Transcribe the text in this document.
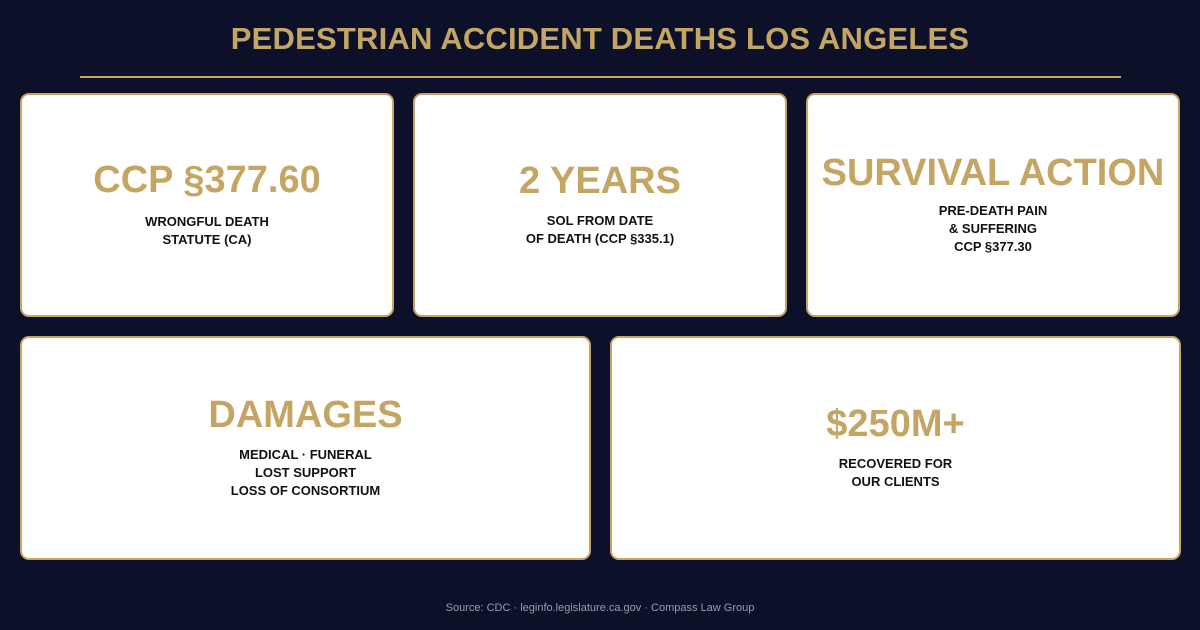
PEDESTRIAN ACCIDENT DEATHS LOS ANGELES
CCP §377.60
WRONGFUL DEATH
STATUTE (CA)
2 YEARS
SOL FROM DATE
OF DEATH (CCP §335.1)
SURVIVAL ACTION
PRE-DEATH PAIN
& SUFFERING
CCP §377.30
DAMAGES
MEDICAL · FUNERAL
LOST SUPPORT
LOSS OF CONSORTIUM
$250M+
RECOVERED FOR
OUR CLIENTS
Source: CDC · leginfo.legislature.ca.gov · Compass Law Group
